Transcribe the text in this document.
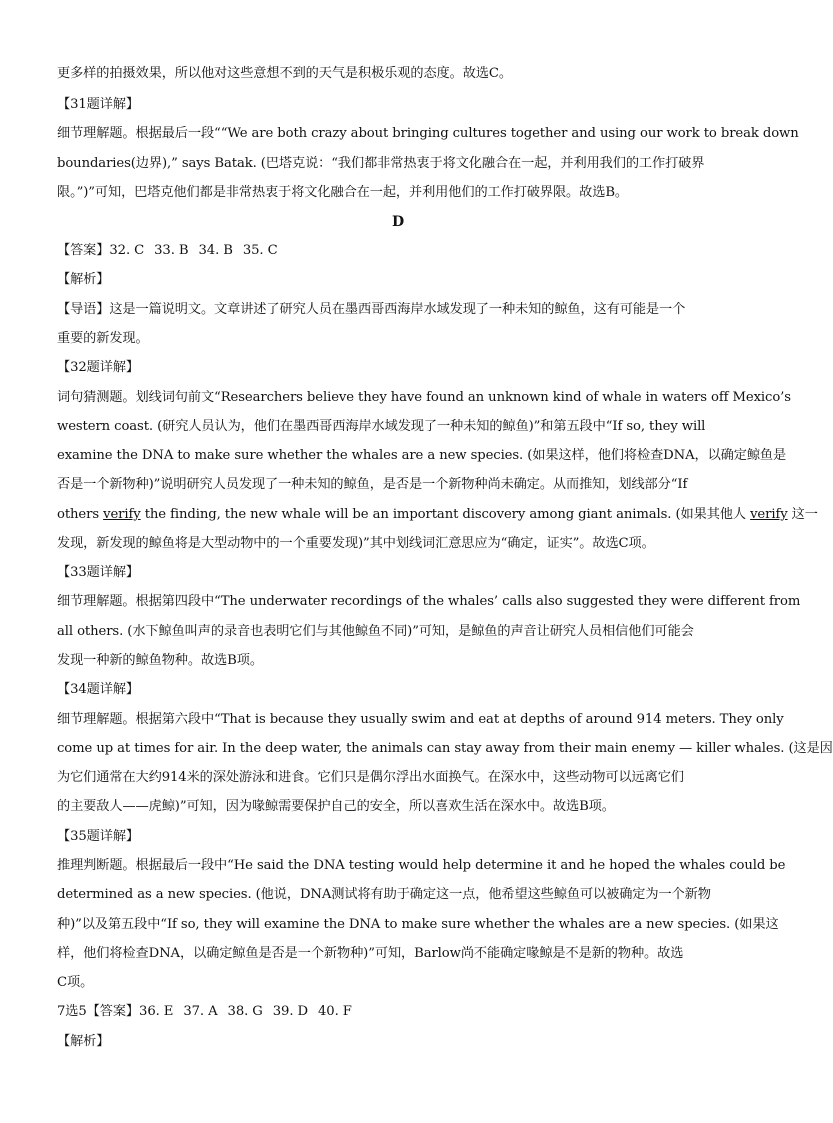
更多样的拍摄效果，所以他对这些意想不到的天气是积极乐观的态度。故选C。
【31题详解】
细节理解题。根据最后一段““We are both crazy about bringing cultures together and using our work to break down
boundaries(边界),” says Batak. (巴塔克说：“我们都非常热衷于将文化融合在一起，并利用我们的工作打破界
限。”)”可知，巴塔克他们都是非常热衷于将文化融合在一起，并利用他们的工作打破界限。故选B。
D
【答案】32. C 33. B 34. B 35. C
【解析】
【导语】这是一篇说明文。文章讲述了研究人员在墨西哥西海岸水域发现了一种未知的鲸鱼，这有可能是一个
重要的新发现。
【32题详解】
词句猜测题。划线词句前文“Researchers believe they have found an unknown kind of whale in waters off Mexico’s
western coast. (研究人员认为，他们在墨西哥西海岸水域发现了一种未知的鲸鱼)”和第五段中“If so, they will
examine the DNA to make sure whether the whales are a new species. (如果这样，他们将检查DNA，以确定鲸鱼是
否是一个新物种)”说明研究人员发现了一种未知的鲸鱼，是否是一个新物种尚未确定。从而推知，划线部分“If
others verify the finding, the new whale will be an important discovery among giant animals. (如果其他人 verify 这一
发现，新发现的鲸鱼将是大型动物中的一个重要发现)”其中划线词汇意思应为“确定，证实”。故选C项。
【33题详解】
细节理解题。根据第四段中“The underwater recordings of the whales’ calls also suggested they were different from
all others. (水下鲸鱼叫声的录音也表明它们与其他鲸鱼不同)”可知，是鲸鱼的声音让研究人员相信他们可能会
发现一种新的鲸鱼物种。故选B项。
【34题详解】
细节理解题。根据第六段中“That is because they usually swim and eat at depths of around 914 meters. They only
come up at times for air. In the deep water, the animals can stay away from their main enemy — killer whales. (这是因
为它们通常在大约914米的深处游泳和进食。它们只是偶尔浮出水面换气。在深水中，这些动物可以远离它们
的主要敌人——虎鲸)”可知，因为喙鲸需要保护自己的安全，所以喜欢生活在深水中。故选B项。
【35题详解】
推理判断题。根据最后一段中“He said the DNA testing would help determine it and he hoped the whales could be
determined as a new species. (他说，DNA测试将有助于确定这一点，他希望这些鲸鱼可以被确定为一个新物
种)”以及第五段中“If so, they will examine the DNA to make sure whether the whales are a new species. (如果这
样，他们将检查DNA，以确定鲸鱼是否是一个新物种)”可知，Barlow尚不能确定喙鲸是不是新的物种。故选
C项。
7选5【答案】36. E 37. A 38. G 39. D 40. F
【解析】
